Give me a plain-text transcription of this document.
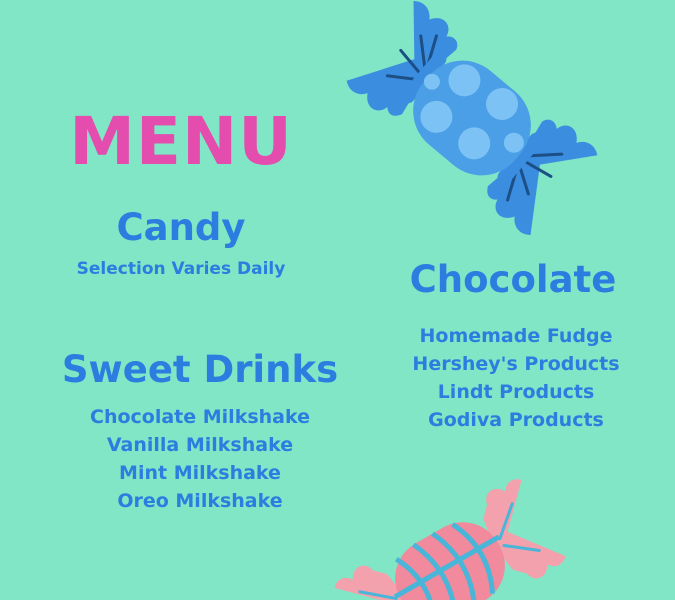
MENU
Candy

Selection Varies Daily

Sweet Drinks
Chocolate Milkshake
Vanilla Milkshake
Mint Milkshake
Oreo Milkshake
Chocolate
Homemade Fudge
Hershey's Products
Lindt Products
Godiva Products
